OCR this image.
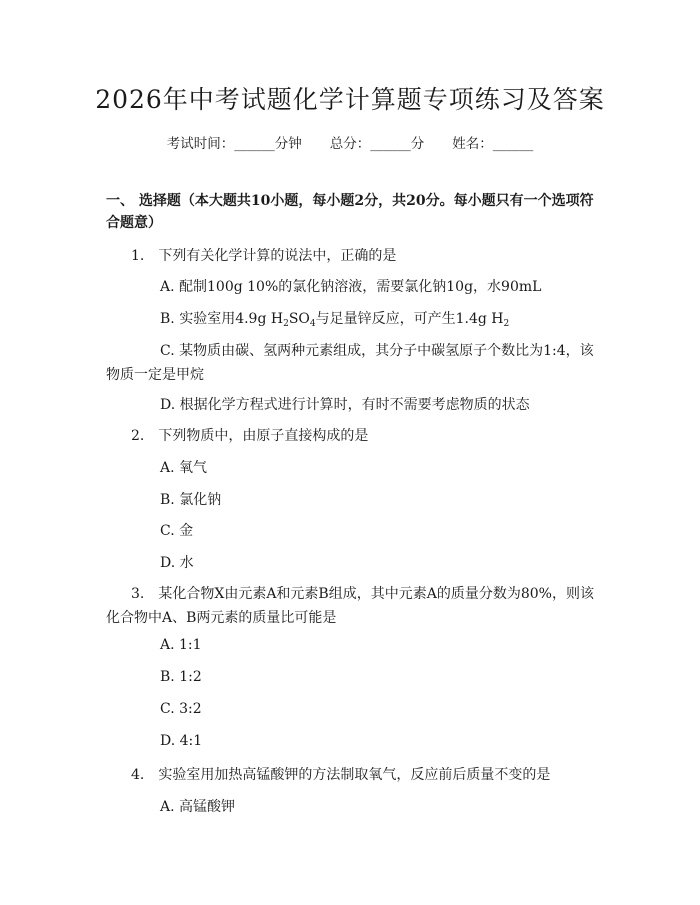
2026年中考试题化学计算题专项练习及答案
考试时间：______分钟 总分：______分 姓名：______
一、 选择题（本大题共10小题，每小题2分，共20分。每小题只有一个选项符合题意）
1.　下列有关化学计算的说法中，正确的是
A. 配制100g 10%的氯化钠溶液，需要氯化钠10g，水90mL
B. 实验室用4.9g $H_2SO_4$与足量锌反应，可产生1.4g $H_2$
C. 某物质由碳、氢两种元素组成，其分子中碳氢原子个数比为1:4，该
物质一定是甲烷
D. 根据化学方程式进行计算时，有时不需要考虑物质的状态
2.　下列物质中，由原子直接构成的是
A. 氧气
B. 氯化钠
C. 金
D. 水
3.　某化合物X由元素A和元素B组成，其中元素A的质量分数为80%，则该
化合物中A、B两元素的质量比可能是
A. 1:1
B. 1:2
C. 3:2
D. 4:1
4.　实验室用加热高锰酸钾的方法制取氧气，反应前后质量不变的是
A. 高锰酸钾
